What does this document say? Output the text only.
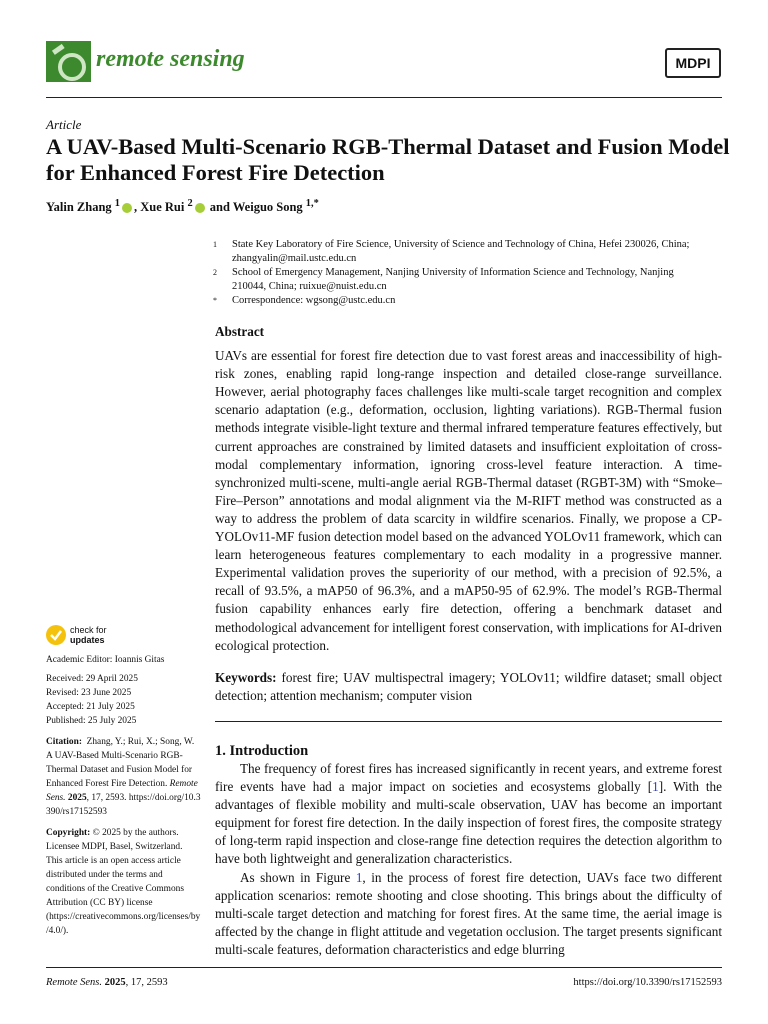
remote sensing	MDPI
Article
A UAV-Based Multi-Scenario RGB-Thermal Dataset and Fusion Model for Enhanced Forest Fire Detection
Yalin Zhang $^1$ , Xue Rui $^2$ and Weiguo Song $^{1,*}$
1 State Key Laboratory of Fire Science, University of Science and Technology of China, Hefei 230026, China; zhangyalin@mail.ustc.edu.cn
2 School of Emergency Management, Nanjing University of Information Science and Technology, Nanjing 210044, China; ruixue@nuist.edu.cn
* Correspondence: wgsong@ustc.edu.cn
Abstract
UAVs are essential for forest fire detection due to vast forest areas and inaccessibility of high-risk zones, enabling rapid long-range inspection and detailed close-range surveillance. However, aerial photography faces challenges like multi-scale target recognition and complex scenario adaptation (e.g., deformation, occlusion, lighting variations). RGB-Thermal fusion methods integrate visible-light texture and thermal infrared temperature features effectively, but current approaches are constrained by limited datasets and insufficient exploitation of cross-modal complementary information, ignoring cross-level feature interaction. A time-synchronized multi-scene, multi-angle aerial RGB-Thermal dataset (RGBT-3M) with “Smoke–Fire–Person” annotations and modal alignment via the M-RIFT method was constructed as a way to address the problem of data scarcity in wildfire scenarios. Finally, we propose a CP-YOLOv11-MF fusion detection model based on the advanced YOLOv11 framework, which can learn heterogeneous features complementary to each modality in a progressive manner. Experimental validation proves the superiority of our method, with a precision of 92.5%, a recall of 93.5%, a mAP50 of 96.3%, and a mAP50-95 of 62.9%. The model’s RGB-Thermal fusion capability enhances early fire detection, offering a benchmark dataset and methodological advancement for intelligent forest conservation, with implications for AI-driven ecological protection.
Keywords: forest fire; UAV multispectral imagery; YOLOv11; wildfire dataset; small object detection; attention mechanism; computer vision
1. Introduction
The frequency of forest fires has increased significantly in recent years, and extreme forest fire events have had a major impact on societies and ecosystems globally [1]. With the advantages of flexible mobility and multi-scale observation, UAV has become an important equipment for forest fire detection. In the daily inspection of forest fires, the composite strategy of long-term rapid inspection and close-range fine detection requires the detection algorithm to have both lightweight and generalization characteristics.
As shown in Figure 1, in the process of forest fire detection, UAVs face two different application scenarios: remote shooting and close shooting. This brings about the difficulty of multi-scale target detection and matching for forest fires. At the same time, the aerial image is affected by the change in flight attitude and vegetation occlusion. The target presents significant multi-scale features, deformation characteristics and edge blurring
check for
updates
Academic Editor: Ioannis Gitas
Received: 29 April 2025
Revised: 23 June 2025
Accepted: 21 July 2025
Published: 25 July 2025
Citation: Zhang, Y.; Rui, X.; Song, W. A UAV-Based Multi-Scenario RGB-Thermal Dataset and Fusion Model for Enhanced Forest Fire Detection. Remote Sens. 2025, 17, 2593. https://doi.org/10.3390/rs17152593
Copyright: © 2025 by the authors. Licensee MDPI, Basel, Switzerland. This article is an open access article distributed under the terms and conditions of the Creative Commons Attribution (CC BY) license (https://creativecommons.org/licenses/by/4.0/).
Remote Sens. 2025, 17, 2593	https://doi.org/10.3390/rs17152593
